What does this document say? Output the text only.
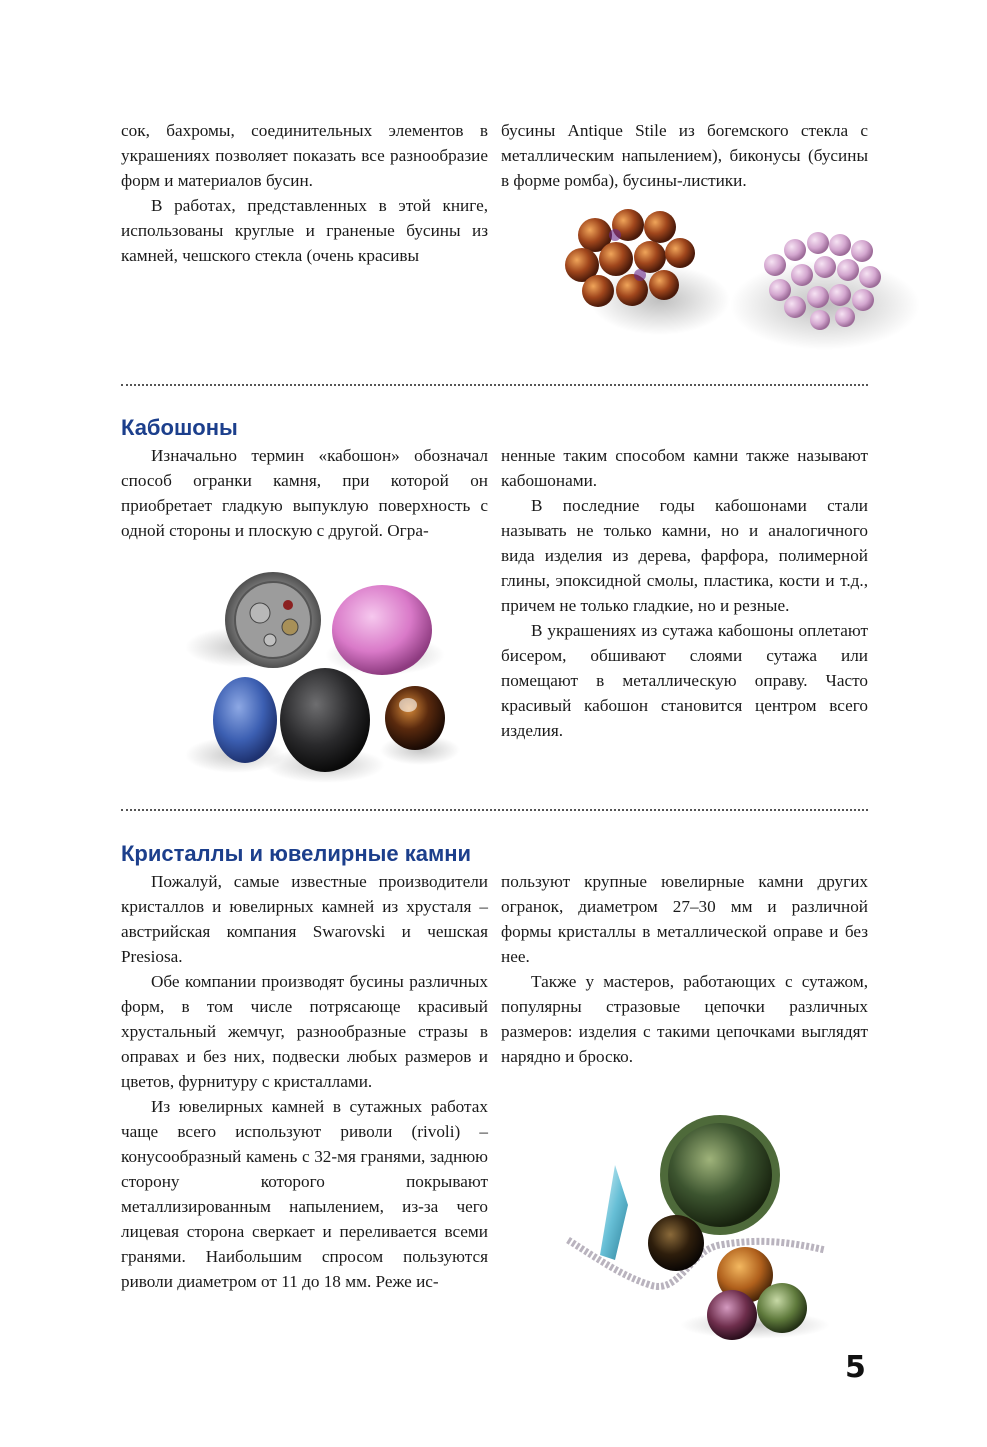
сок, бахромы, соединительных элементов в украшениях позволяет показать все разнообразие форм и материалов бусин.

В работах, представленных в этой книге, использованы круглые и граненые бусины из камней, чешского стекла (очень красивы

бусины Antique Stile из богемского стекла с металлическим напылением), биконусы (бусины в форме ромба), бусины-листики.

Кабошоны

Изначально термин «кабошон» обозначал способ огранки камня, при которой он приобретает гладкую выпуклую поверхность с одной стороны и плоскую с другой. Огра-

ненные таким способом камни также называют кабошонами.

В последние годы кабошонами стали называть не только камни, но и аналогичного вида изделия из дерева, фарфора, полимерной глины, эпоксидной смолы, пластика, кости и т.д., причем не только гладкие, но и резные.

В украшениях из сутажа кабошоны оплетают бисером, обшивают слоями сутажа или помещают в металлическую оправу. Часто красивый кабошон становится центром всего изделия.

Кристаллы и ювелирные камни

Пожалуй, самые известные производители кристаллов и ювелирных камней из хрусталя – австрийская компания Swarovski и чешская Presiosa.

Обе компании производят бусины различных форм, в том числе потрясающе красивый хрустальный жемчуг, разнообразные стразы в оправах и без них, подвески любых размеров и цветов, фурнитуру с кристаллами.

Из ювелирных камней в сутажных работах чаще всего используют риволи (rivoli) – конусообразный камень с 32-мя гранями, заднюю сторону которого покрывают металлизированным напылением, из-за чего лицевая сторона сверкает и переливается всеми гранями. Наибольшим спросом пользуются риволи диаметром от 11 до 18 мм. Реже ис-

пользуют крупные ювелирные камни других огранок, диаметром 27–30 мм и различной формы кристаллы в металлической оправе и без нее.

Также у мастеров, работающих с сутажом, популярны стразовые цепочки различных размеров: изделия с такими цепочками выглядят нарядно и броско.

5
